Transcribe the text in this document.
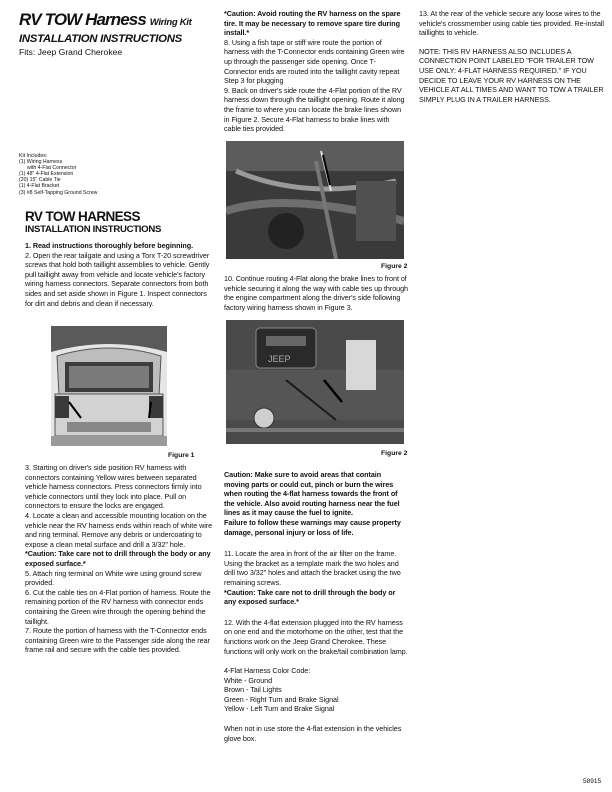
RV TOW Harness Wiring Kit
INSTALLATION INSTRUCTIONS
Fits: Jeep Grand Cherokee
Kit Includes:
(1) Wiring Harness
with 4-Flat Connector
(1) 48" 4-Flat Extension
(20) 15" Cable Tie
(1) 4-Flat Bracket
(3) #8 Self-Tapping Ground Screw
RV TOW HARNESS
INSTALLATION INSTRUCTIONS

1. Read instructions thoroughly before beginning.

2. Open the rear tailgate and using a Torx T-20 screwdriver screws that hold both taillight assemblies to vehicle. Gently pull taillight away from vehicle and locate vehicle's factory wiring harness connectors. Separate connectors from both sides and set aside shown in Figure 1. Inspect connectors for dirt and debris and clean if necessary.

Figure 1

3. Starting on driver's side position RV harness with connectors containing Yellow wires between separated vehicle harness connectors. Press connectors firmly into vehicle connectors until they lock into place. Pull on connectors to ensure the locks are engaged.

4. Locate a clean and accessible mounting location on the vehicle near the RV harness ends within reach of white wire and ring terminal. Remove any debris or undercoating to expose a clean metal surface and drill a 3/32" hole.

*Caution: Take care not to drill through the body or any exposed surface.*

5. Attach ring terminal on White wire using ground screw provided.

6. Cut the cable ties on 4-Flat portion of harness. Route the remaining portion of the RV harness with connector ends containing the Green wire through the opening behind the taillight.

7. Route the portion of harness with the T-Connector ends containing Green wire to the Passenger side along the rear frame rail and secure with the cable ties provided.

*Caution: Avoid routing the RV harness on the spare tire. It may be necessary to remove spare tire during install.*

8. Using a fish tape or stiff wire route the portion of harness with the T-Connector ends containing Green wire up through the passenger side opening. Once T-Connector ends are routed into the taillight cavity repeat Step 3 for plugging

9. Back on driver's side route the 4-Flat portion of the RV harness down through the taillight opening. Route it along the frame to where you can locate the brake lines shown in Figure 2. Secure 4-Flat harness to brake lines with cable ties provided.

Figure 2

10. Continue routing 4-Flat along the brake lines to front of vehicle securing it along the way with cable ties up through the engine compartment along the driver's side following factory wiring harness shown in Figure 3.

JEEP
Figure 2

Caution: Make sure to avoid areas that contain moving parts or could cut, pinch or burn the wires when routing the 4-flat harness towards the front of the vehicle. Also avoid routing harness near the fuel lines as it may cause the fuel to ignite.

Failure to follow these warnings may cause property damage, personal injury or loss of life.

11. Locate the area in front of the air filter on the frame. Using the bracket as a template mark the two holes and drill two 3/32" holes and attach the bracket using the two remaining screws.

*Caution: Take care not to drill through the body or any exposed surface.*

12. With the 4-flat extension plugged into the RV harness on one end and the motorhome on the other, test that the functions work on the Jeep Grand Cherokee. These functions will only work on the brake/tail combination lamp.

4-Flat Harness Color Code:
White - Ground
Brown - Tail Lights
Green - Right Turn and Brake Signal
Yellow - Left Turn and Brake Signal

When not in use store the 4-flat extension in the vehicles glove box.

13. At the rear of the vehicle secure any loose wires to the vehicle's crossmember using cable ties provided. Re-install taillights to vehicle.

NOTE: THIS RV HARNESS ALSO INCLUDES A CONNECTION POINT LABELED "FOR TRAILER TOW USE ONLY: 4-FLAT HARNESS REQUIRED." IF YOU DECIDE TO LEAVE YOUR RV HARNESS ON THE VEHICLE AT ALL TIMES AND WANT TO TOW A TRAILER SIMPLY PLUG IN A TRAILER HARNESS.

58915
